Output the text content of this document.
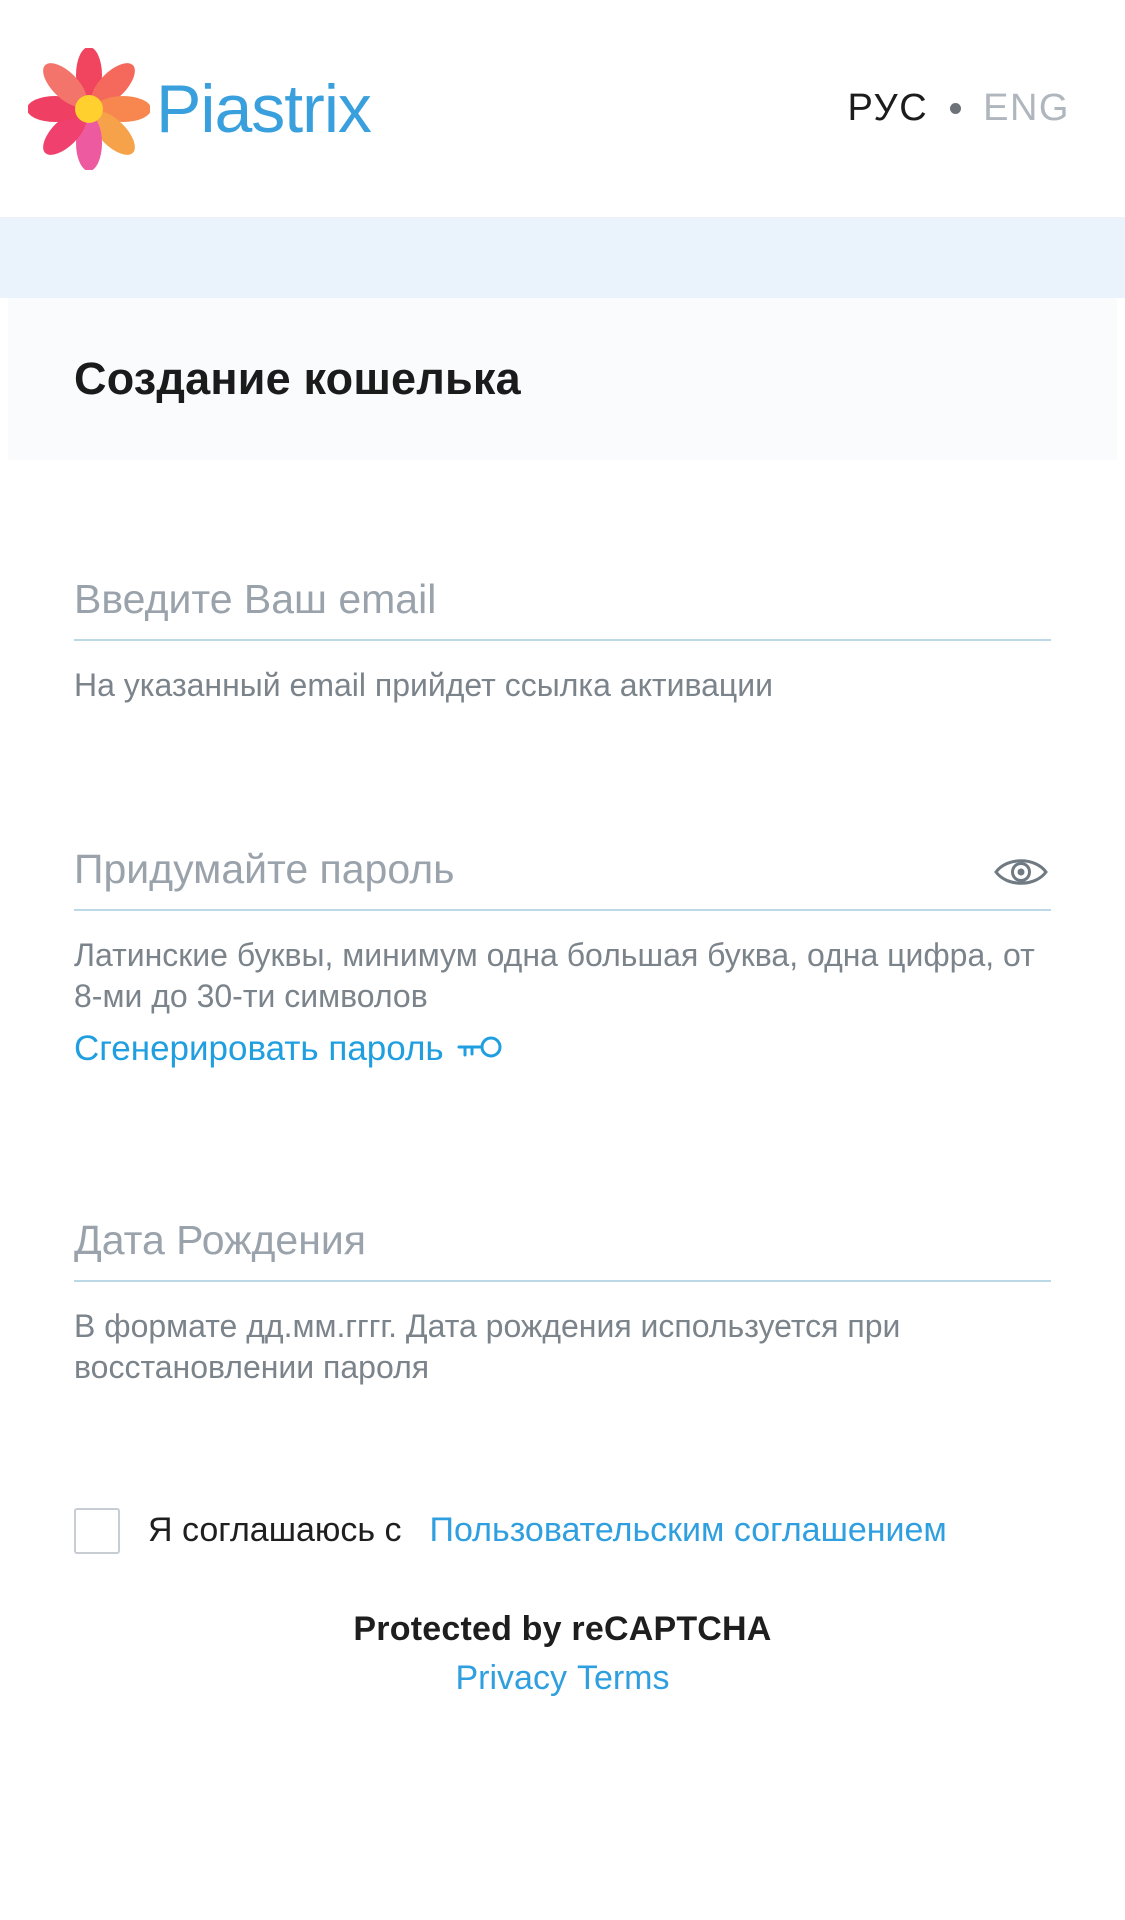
Piastrix	РУС ENG
Создание кошелька
Введите Ваш email
На указанный email прийдет ссылка активации
Придумайте пароль
Латинские буквы, минимум одна большая буква, одна цифра, от 8-ми до 30-ти символов
Сгенерировать пароль
Дата Рождения
В формате дд.мм.гггг. Дата рождения используется при восстановлении пароля
Я соглашаюсь с Пользовательским соглашением
Protected by reCAPTCHA
Privacy Terms
